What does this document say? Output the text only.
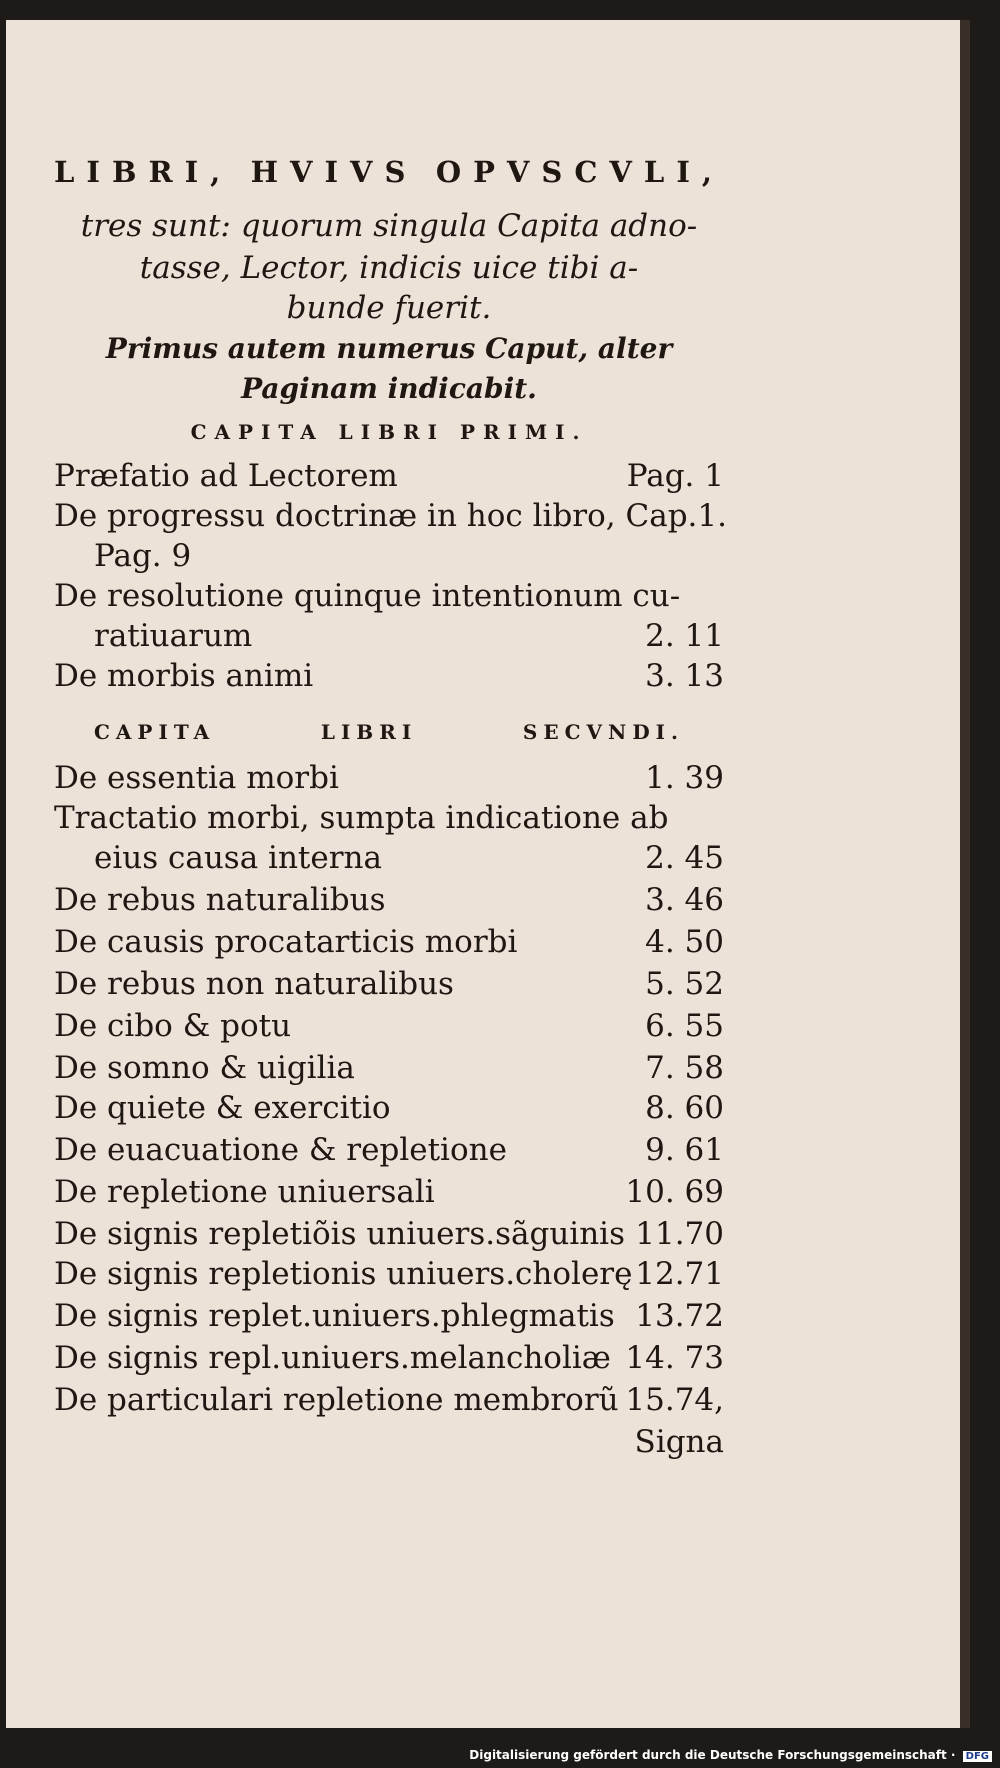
LIBRI, HVIVS OPVSCVLI,
tres sunt: quorum singula Capita adno-
tasse, Lector, indicis uice tibi a-
bunde fuerit.
Primus autem numerus Caput, alter
Paginam indicabit.
CAPITA LIBRI PRIMI.
Præfatio ad Lectorem	Pag. 1
De progressu doctrinæ in hoc libro, Cap.1.
Pag. 9
De resolutione quinque intentionum cu-
ratiuarum	2. 11
De morbis animi	3. 13
CAPITA	LIBRI	SECVNDI.
De essentia morbi	1. 39
Tractatio morbi, sumpta indicatione ab
eius causa interna	2. 45
De rebus naturalibus	3. 46
De causis procatarticis morbi	4. 50
De rebus non naturalibus	5. 52
De cibo & potu	6. 55
De somno & uigilia	7. 58
De quiete & exercitio	8. 60
De euacuatione & repletione	9. 61
De repletione uniuersali	10. 69
De signis repletiõis uniuers.sãguinis 11.70
De signis repletionis uniuers.cholerę 12.71
De signis replet.uniuers.phlegmatis 13.72
De signis repl.uniuers.melancholiæ 14. 73
De particulari repletione membrorũ 15.74,
Signa
Digitalisierung gefördert durch die Deutsche Forschungsgemeinschaft · DFG
